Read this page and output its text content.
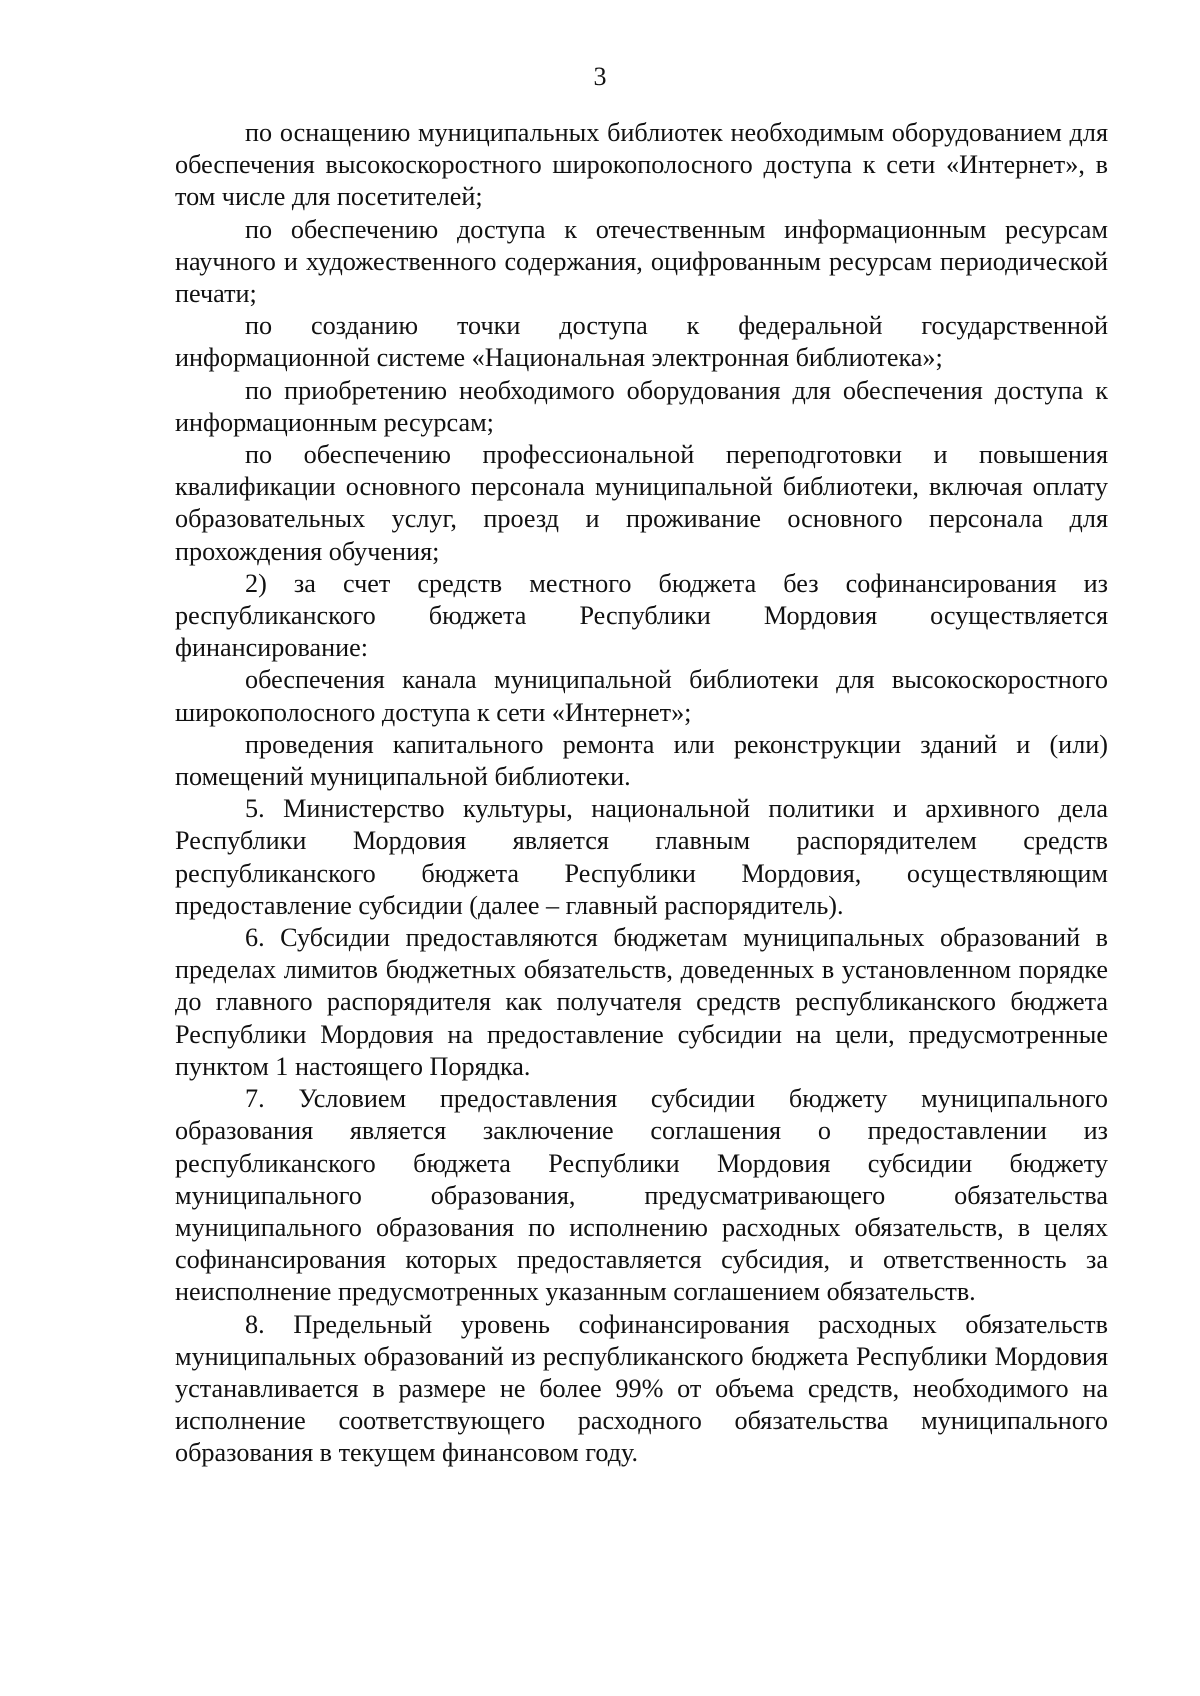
3

по оснащению муниципальных библиотек необходимым оборудованием для обеспечения высокоскоростного широкополосного доступа к сети «Интернет», в том числе для посетителей;

по обеспечению доступа к отечественным информационным ресурсам научного и художественного содержания, оцифрованным ресурсам периодической печати;

по созданию точки доступа к федеральной государственной информационной системе «Национальная электронная библиотека»;

по приобретению необходимого оборудования для обеспечения доступа к информационным ресурсам;

по обеспечению профессиональной переподготовки и повышения квалификации основного персонала муниципальной библиотеки, включая оплату образовательных услуг, проезд и проживание основного персонала для прохождения обучения;

2) за счет средств местного бюджета без софинансирования из республиканского бюджета Республики Мордовия осуществляется финансирование:

обеспечения канала муниципальной библиотеки для высокоскоростного широкополосного доступа к сети «Интернет»;

проведения капитального ремонта или реконструкции зданий и (или) помещений муниципальной библиотеки.

5. Министерство культуры, национальной политики и архивного дела Республики Мордовия является главным распорядителем средств республиканского бюджета Республики Мордовия, осуществляющим предоставление субсидии (далее – главный распорядитель).

6. Субсидии предоставляются бюджетам муниципальных образований в пределах лимитов бюджетных обязательств, доведенных в установленном порядке до главного распорядителя как получателя средств республиканского бюджета Республики Мордовия на предоставление субсидии на цели, предусмотренные пунктом 1 настоящего Порядка.

7. Условием предоставления субсидии бюджету муниципального образования является заключение соглашения о предоставлении из республиканского бюджета Республики Мордовия субсидии бюджету муниципального образования, предусматривающего обязательства муниципального образования по исполнению расходных обязательств, в целях софинансирования которых предоставляется субсидия, и ответственность за неисполнение предусмотренных указанным соглашением обязательств.

8. Предельный уровень софинансирования расходных обязательств муниципальных образований из республиканского бюджета Республики Мордовия устанавливается в размере не более 99% от объема средств, необходимого на исполнение соответствующего расходного обязательства муниципального образования в текущем финансовом году.
